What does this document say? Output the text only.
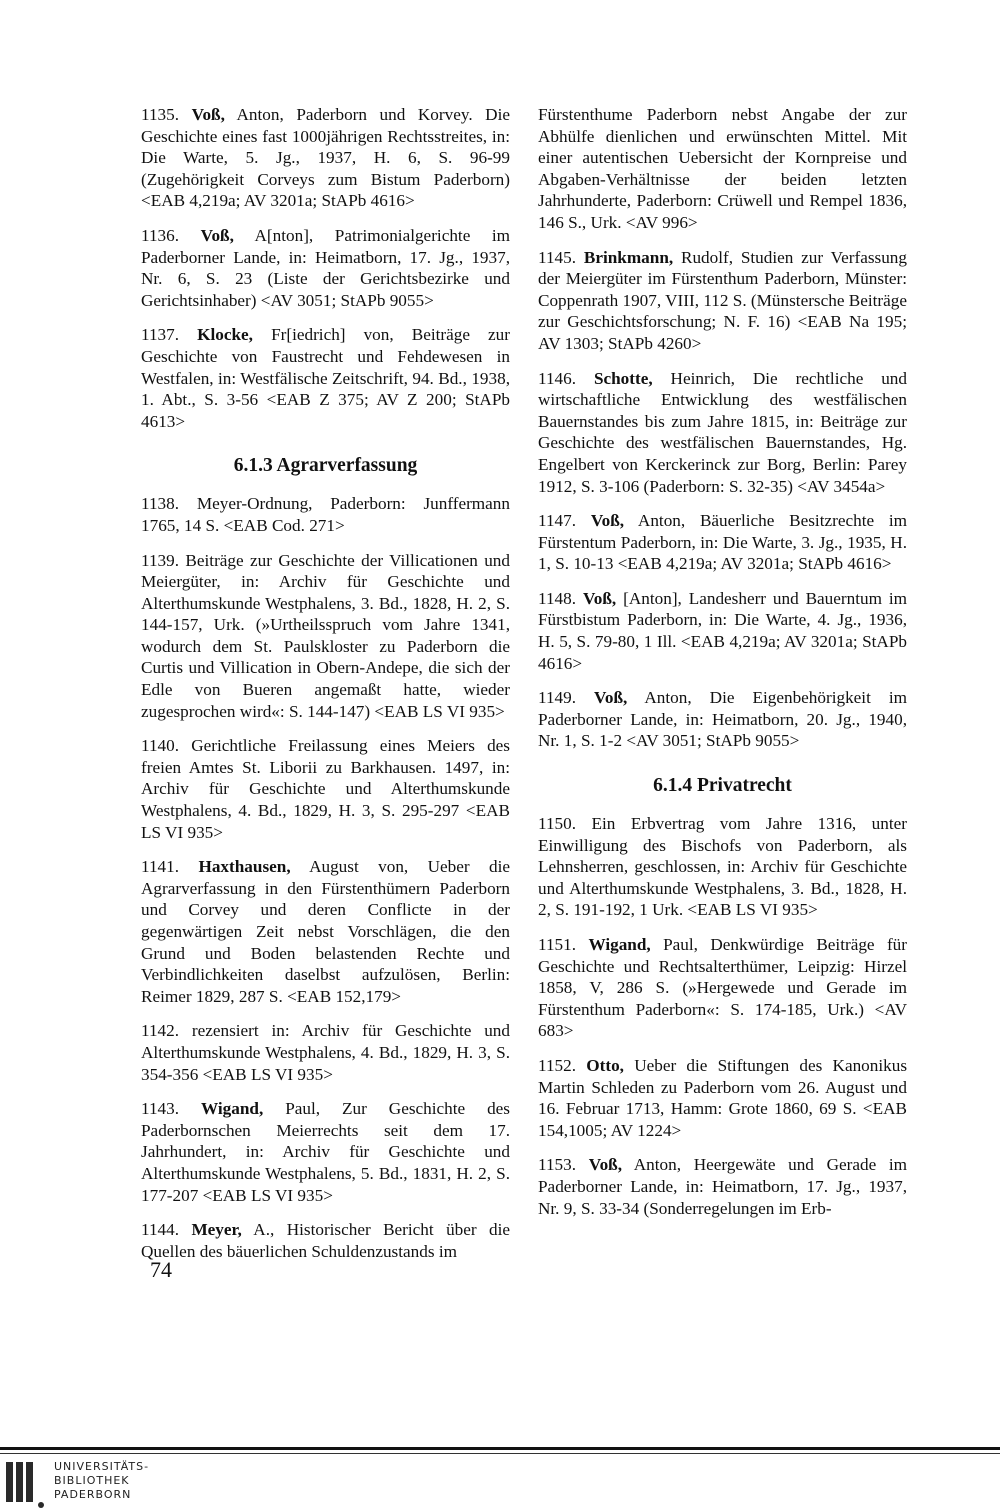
1135. Voß, Anton, Paderborn und Korvey. Die Geschichte eines fast 1000jährigen Rechtsstreites, in: Die Warte, 5. Jg., 1937, H. 6, S. 96-99 (Zugehörigkeit Corveys zum Bistum Paderborn) <EAB 4,219a; AV 3201a; StAPb 4616>

1136. Voß, A[nton], Patrimonialgerichte im Paderborner Lande, in: Heimatborn, 17. Jg., 1937, Nr. 6, S. 23 (Liste der Gerichtsbezirke und Gerichtsinhaber) <AV 3051; StAPb 9055>

1137. Klocke, Fr[iedrich] von, Beiträge zur Geschichte von Faustrecht und Fehdewesen in Westfalen, in: Westfälische Zeitschrift, 94. Bd., 1938, 1. Abt., S. 3-56 <EAB Z 375; AV Z 200; StAPb 4613>

6.1.3 Agrarverfassung

1138. Meyer-Ordnung, Paderborn: Junffermann 1765, 14 S. <EAB Cod. 271>

1139. Beiträge zur Geschichte der Villicationen und Meiergüter, in: Archiv für Geschichte und Alterthumskunde Westphalens, 3. Bd., 1828, H. 2, S. 144-157, Urk. (»Urtheilsspruch vom Jahre 1341, wodurch dem St. Paulskloster zu Paderborn die Curtis und Villication in Obern-Andepe, die sich der Edle von Bueren angemaßt hatte, wieder zugesprochen wird«: S. 144-147) <EAB LS VI 935>

1140. Gerichtliche Freilassung eines Meiers des freien Amtes St. Liborii zu Barkhausen. 1497, in: Archiv für Geschichte und Alterthumskunde Westphalens, 4. Bd., 1829, H. 3, S. 295-297 <EAB LS VI 935>

1141. Haxthausen, August von, Ueber die Agrarverfassung in den Fürstenthümern Paderborn und Corvey und deren Conflicte in der gegenwärtigen Zeit nebst Vorschlägen, die den Grund und Boden belastenden Rechte und Verbindlichkeiten daselbst aufzulösen, Berlin: Reimer 1829, 287 S. <EAB 152,179>

1142. rezensiert in: Archiv für Geschichte und Alterthumskunde Westphalens, 4. Bd., 1829, H. 3, S. 354-356 <EAB LS VI 935>

1143. Wigand, Paul, Zur Geschichte des Paderbornschen Meierrechts seit dem 17. Jahrhundert, in: Archiv für Geschichte und Alterthumskunde Westphalens, 5. Bd., 1831, H. 2, S. 177-207 <EAB LS VI 935>

1144. Meyer, A., Historischer Bericht über die Quellen des bäuerlichen Schuldenzustands im

Fürstenthume Paderborn nebst Angabe der zur Abhülfe dienlichen und erwünschten Mittel. Mit einer autentischen Uebersicht der Kornpreise und Abgaben-Verhältnisse der beiden letzten Jahrhunderte, Paderborn: Crüwell und Rempel 1836, 146 S., Urk. <AV 996>

1145. Brinkmann, Rudolf, Studien zur Verfassung der Meiergüter im Fürstenthum Paderborn, Münster: Coppenrath 1907, VIII, 112 S. (Münstersche Beiträge zur Geschichtsforschung; N. F. 16) <EAB Na 195; AV 1303; StAPb 4260>

1146. Schotte, Heinrich, Die rechtliche und wirtschaftliche Entwicklung des westfälischen Bauernstandes bis zum Jahre 1815, in: Beiträge zur Geschichte des westfälischen Bauernstandes, Hg. Engelbert von Kerckerinck zur Borg, Berlin: Parey 1912, S. 3-106 (Paderborn: S. 32-35) <AV 3454a>

1147. Voß, Anton, Bäuerliche Besitzrechte im Fürstentum Paderborn, in: Die Warte, 3. Jg., 1935, H. 1, S. 10-13 <EAB 4,219a; AV 3201a; StAPb 4616>

1148. Voß, [Anton], Landesherr und Bauerntum im Fürstbistum Paderborn, in: Die Warte, 4. Jg., 1936, H. 5, S. 79-80, 1 Ill. <EAB 4,219a; AV 3201a; StAPb 4616>

1149. Voß, Anton, Die Eigenbehörigkeit im Paderborner Lande, in: Heimatborn, 20. Jg., 1940, Nr. 1, S. 1-2 <AV 3051; StAPb 9055>

6.1.4 Privatrecht

1150. Ein Erbvertrag vom Jahre 1316, unter Einwilligung des Bischofs von Paderborn, als Lehnsherren, geschlossen, in: Archiv für Geschichte und Alterthumskunde Westphalens, 3. Bd., 1828, H. 2, S. 191-192, 1 Urk. <EAB LS VI 935>

1151. Wigand, Paul, Denkwürdige Beiträge für Geschichte und Rechtsalterthümer, Leipzig: Hirzel 1858, V, 286 S. (»Hergewede und Gerade im Fürstenthum Paderborn«: S. 174-185, Urk.) <AV 683>

1152. Otto, Ueber die Stiftungen des Kanonikus Martin Schleden zu Paderborn vom 26. August und 16. Februar 1713, Hamm: Grote 1860, 69 S. <EAB 154,1005; AV 1224>

1153. Voß, Anton, Heergewäte und Gerade im Paderborner Lande, in: Heimatborn, 17. Jg., 1937, Nr. 9, S. 33-34 (Sonderregelungen im Erb-

74
UNIVERSITÄTS-
BIBLIOTHEK
PADERBORN
